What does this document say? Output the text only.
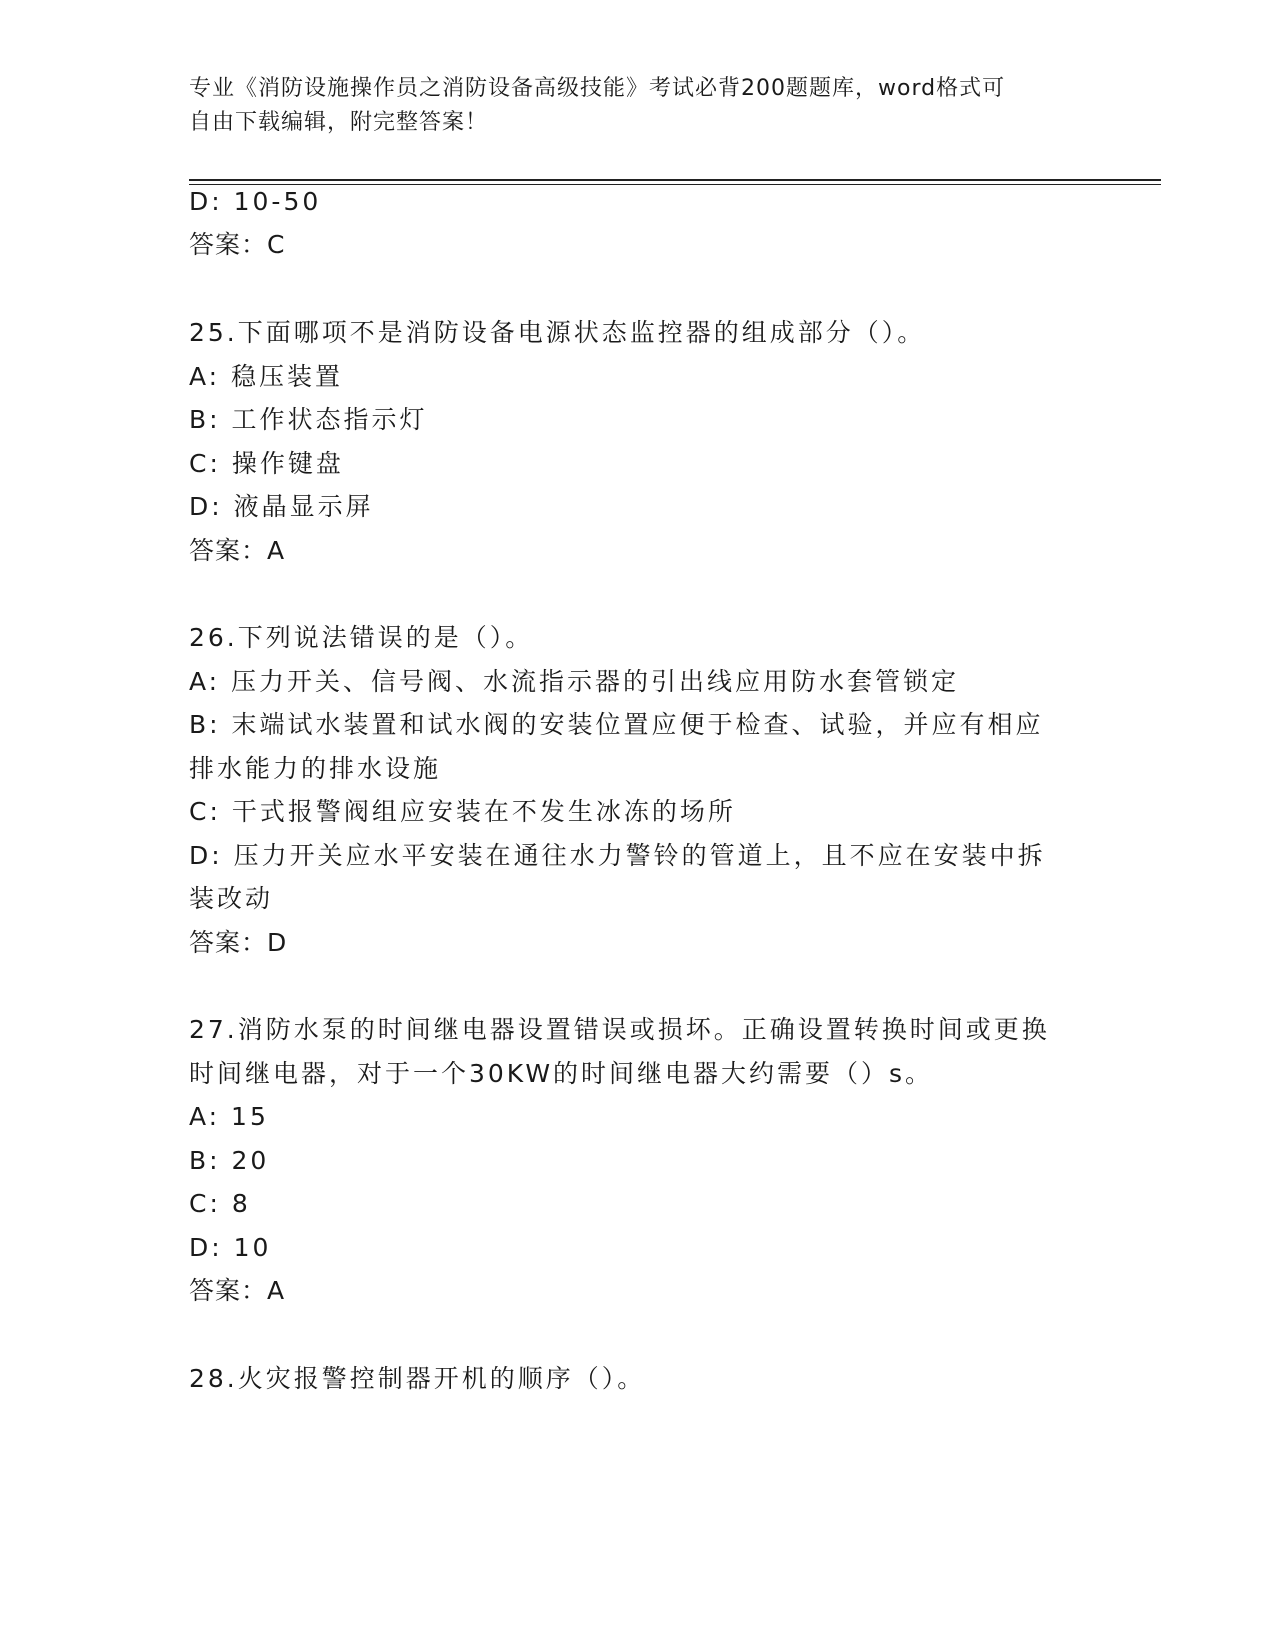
专业《消防设施操作员之消防设备高级技能》考试必背200题题库，word格式可
自由下载编辑，附完整答案！
D: 10-50
答案：C
25.下面哪项不是消防设备电源状态监控器的组成部分（）。
A: 稳压装置
B: 工作状态指示灯
C: 操作键盘
D: 液晶显示屏
答案：A
26.下列说法错误的是（）。
A: 压力开关、信号阀、水流指示器的引出线应用防水套管锁定
B: 末端试水装置和试水阀的安装位置应便于检查、试验，并应有相应
排水能力的排水设施
C: 干式报警阀组应安装在不发生冰冻的场所
D: 压力开关应水平安装在通往水力警铃的管道上，且不应在安装中拆
装改动
答案：D
27.消防水泵的时间继电器设置错误或损坏。正确设置转换时间或更换
时间继电器，对于一个30KW的时间继电器大约需要（）s。
A: 15
B: 20
C: 8
D: 10
答案：A
28.火灾报警控制器开机的顺序（）。
